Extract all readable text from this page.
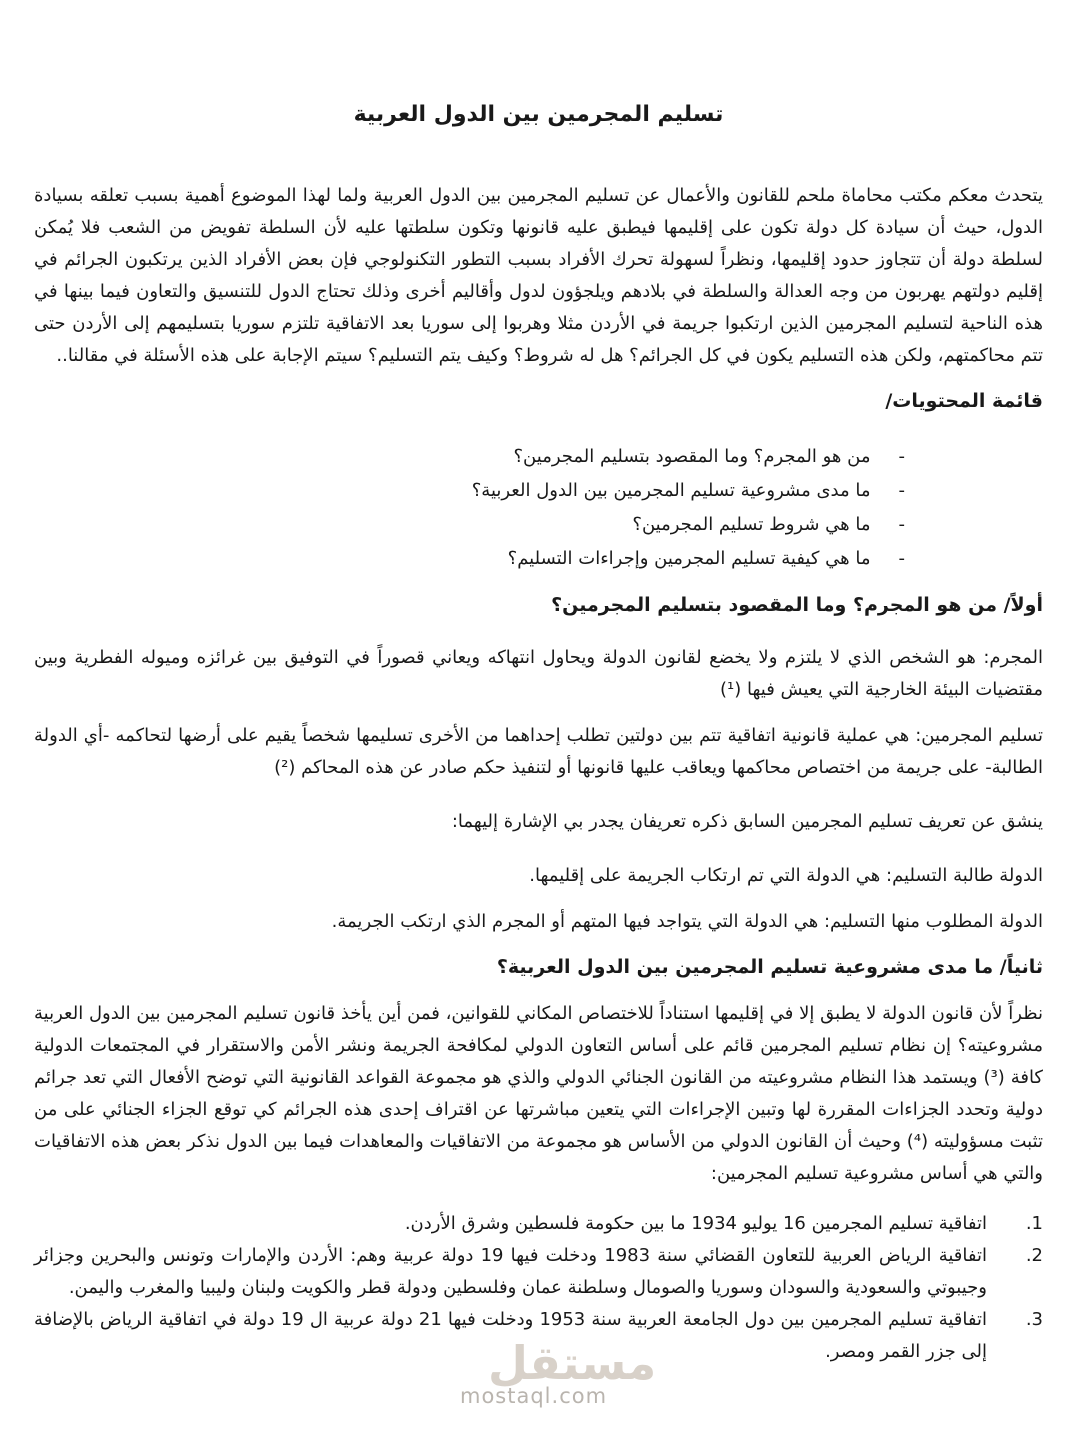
مستقل
mostaql.com
تسليم المجرمين بين الدول العربية

يتحدث معكم مكتب محاماة ملحم للقانون والأعمال عن تسليم المجرمين بين الدول العربية ولما لهذا الموضوع أهمية بسبب تعلقه بسيادة الدول، حيث أن سيادة كل دولة تكون على إقليمها فيطبق عليه قانونها وتكون سلطتها عليه لأن السلطة تفويض من الشعب فلا يُمكن لسلطة دولة أن تتجاوز حدود إقليمها، ونظراً لسهولة تحرك الأفراد بسبب التطور التكنولوجي فإن بعض الأفراد الذين يرتكبون الجرائم في إقليم دولتهم يهربون من وجه العدالة والسلطة في بلادهم ويلجؤون لدول وأقاليم أخرى وذلك تحتاج الدول للتنسيق والتعاون فيما بينها في هذه الناحية لتسليم المجرمين الذين ارتكبوا جريمة في الأردن مثلا وهربوا إلى سوريا بعد الاتفاقية تلتزم سوريا بتسليمهم إلى الأردن حتى تتم محاكمتهم، ولكن هذه التسليم يكون في كل الجرائم؟ هل له شروط؟ وكيف يتم التسليم؟ سيتم الإجابة على هذه الأسئلة في مقالنا..

قائمة المحتويات/
-
من هو المجرم؟ وما المقصود بتسليم المجرمين؟
-
ما مدى مشروعية تسليم المجرمين بين الدول العربية؟
-
ما هي شروط تسليم المجرمين؟
-
ما هي كيفية تسليم المجرمين وإجراءات التسليم؟
أولاً/ من هو المجرم؟ وما المقصود بتسليم المجرمين؟

المجرم: هو الشخص الذي لا يلتزم ولا يخضع لقانون الدولة ويحاول انتهاكه ويعاني قصوراً في التوفيق بين غرائزه وميوله الفطرية وبين مقتضيات البيئة الخارجية التي يعيش فيها (¹)

تسليم المجرمين: هي عملية قانونية اتفاقية تتم بين دولتين تطلب إحداهما من الأخرى تسليمها شخصاً يقيم على أرضها لتحاكمه -أي الدولة الطالبة- على جريمة من اختصاص محاكمها ويعاقب عليها قانونها أو لتنفيذ حكم صادر عن هذه المحاكم (²)

ينشق عن تعريف تسليم المجرمين السابق ذكره تعريفان يجدر بي الإشارة إليهما:

الدولة طالبة التسليم: هي الدولة التي تم ارتكاب الجريمة على إقليمها.

الدولة المطلوب منها التسليم: هي الدولة التي يتواجد فيها المتهم أو المجرم الذي ارتكب الجريمة.

ثانياً/ ما مدى مشروعية تسليم المجرمين بين الدول العربية؟

نظراً لأن قانون الدولة لا يطبق إلا في إقليمها استناداً للاختصاص المكاني للقوانين، فمن أين يأخذ قانون تسليم المجرمين بين الدول العربية مشروعيته؟ إن نظام تسليم المجرمين قائم على أساس التعاون الدولي لمكافحة الجريمة ونشر الأمن والاستقرار في المجتمعات الدولية كافة (³) ويستمد هذا النظام مشروعيته من القانون الجنائي الدولي والذي هو مجموعة القواعد القانونية التي توضح الأفعال التي تعد جرائم دولية وتحدد الجزاءات المقررة لها وتبين الإجراءات التي يتعين مباشرتها عن اقتراف إحدى هذه الجرائم كي توقع الجزاء الجنائي على من تثبت مسؤوليته (⁴) وحيث أن القانون الدولي من الأساس هو مجموعة من الاتفاقيات والمعاهدات فيما بين الدول نذكر بعض هذه الاتفاقيات والتي هي أساس مشروعية تسليم المجرمين:

1.
اتفاقية تسليم المجرمين 16 يوليو 1934 ما بين حكومة فلسطين وشرق الأردن.
2.
اتفاقية الرياض العربية للتعاون القضائي سنة 1983 ودخلت فيها 19 دولة عربية وهم: الأردن والإمارات وتونس والبحرين وجزائر وجيبوتي والسعودية والسودان وسوريا والصومال وسلطنة عمان وفلسطين ودولة قطر والكويت ولبنان وليبيا والمغرب واليمن.
3.
اتفاقية تسليم المجرمين بين دول الجامعة العربية سنة 1953 ودخلت فيها 21 دولة عربية ال 19 دولة في اتفاقية الرياض بالإضافة إلى جزر القمر ومصر.
